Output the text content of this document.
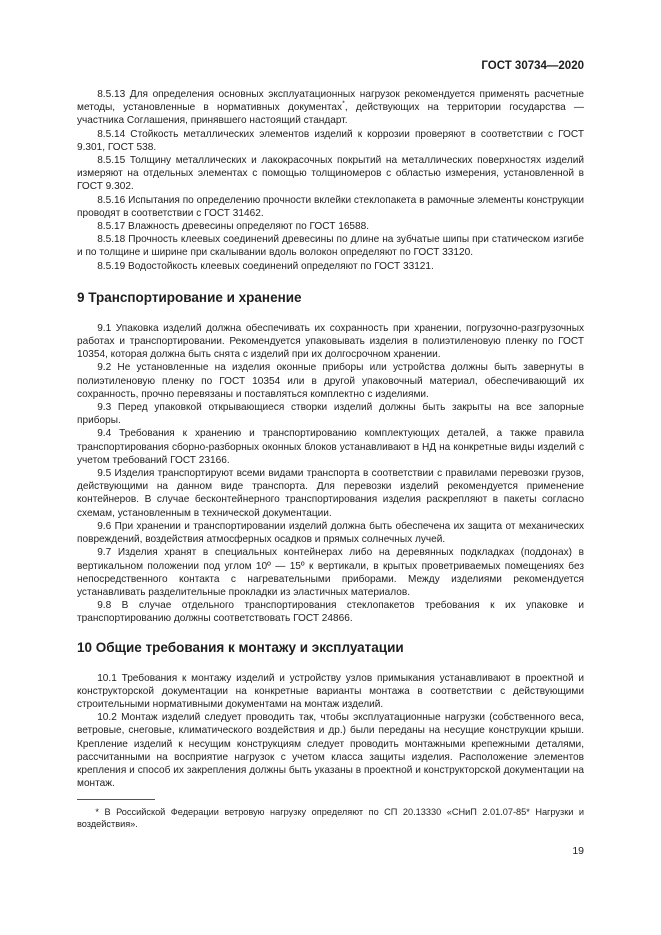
ГОСТ 30734—2020

8.5.13 Для определения основных эксплуатационных нагрузок рекомендуется применять расчетные методы, установленные в нормативных документах*, действующих на территории государства — участника Соглашения, принявшего настоящий стандарт.

8.5.14 Стойкость металлических элементов изделий к коррозии проверяют в соответствии с ГОСТ 9.301, ГОСТ 538.

8.5.15 Толщину металлических и лакокрасочных покрытий на металлических поверхностях изделий измеряют на отдельных элементах с помощью толщиномеров с областью измерения, установленной в ГОСТ 9.302.

8.5.16 Испытания по определению прочности вклейки стеклопакета в рамочные элементы конструкции проводят в соответствии с ГОСТ 31462.

8.5.17 Влажность древесины определяют по ГОСТ 16588.

8.5.18 Прочность клеевых соединений древесины по длине на зубчатые шипы при статическом изгибе и по толщине и ширине при скалывании вдоль волокон определяют по ГОСТ 33120.

8.5.19 Водостойкость клеевых соединений определяют по ГОСТ 33121.

9 Транспортирование и хранение

9.1 Упаковка изделий должна обеспечивать их сохранность при хранении, погрузочно-разгрузочных работах и транспортировании. Рекомендуется упаковывать изделия в полиэтиленовую пленку по ГОСТ 10354, которая должна быть снята с изделий при их долгосрочном хранении.

9.2 Не установленные на изделия оконные приборы или устройства должны быть завернуты в полиэтиленовую пленку по ГОСТ 10354 или в другой упаковочный материал, обеспечивающий их сохранность, прочно перевязаны и поставляться комплектно с изделиями.

9.3 Перед упаковкой открывающиеся створки изделий должны быть закрыты на все запорные приборы.

9.4 Требования к хранению и транспортированию комплектующих деталей, а также правила транспортирования сборно-разборных оконных блоков устанавливают в НД на конкретные виды изделий с учетом требований ГОСТ 23166.

9.5 Изделия транспортируют всеми видами транспорта в соответствии с правилами перевозки грузов, действующими на данном виде транспорта. Для перевозки изделий рекомендуется применение контейнеров. В случае бесконтейнерного транспортирования изделия раскрепляют в пакеты согласно схемам, установленным в технической документации.

9.6 При хранении и транспортировании изделий должна быть обеспечена их защита от механических повреждений, воздействия атмосферных осадков и прямых солнечных лучей.

9.7 Изделия хранят в специальных контейнерах либо на деревянных подкладках (поддонах) в вертикальном положении под углом 10º — 15º к вертикали, в крытых проветриваемых помещениях без непосредственного контакта с нагревательными приборами. Между изделиями рекомендуется устанавливать разделительные прокладки из эластичных материалов.

9.8 В случае отдельного транспортирования стеклопакетов требования к их упаковке и транспортированию должны соответствовать ГОСТ 24866.

10 Общие требования к монтажу и эксплуатации

10.1 Требования к монтажу изделий и устройству узлов примыкания устанавливают в проектной и конструкторской документации на конкретные варианты монтажа в соответствии с действующими строительными нормативными документами на монтаж изделий.

10.2 Монтаж изделий следует проводить так, чтобы эксплуатационные нагрузки (собственного веса, ветровые, снеговые, климатического воздействия и др.) были переданы на несущие конструкции крыши. Крепление изделий к несущим конструкциям следует проводить монтажными крепежными деталями, рассчитанными на восприятие нагрузок с учетом класса защиты изделия. Расположение элементов крепления и способ их закрепления должны быть указаны в проектной и конструкторской документации на монтаж.

* В Российской Федерации ветровую нагрузку определяют по СП 20.13330 «СНиП 2.01.07-85* Нагрузки и воздействия».
19
